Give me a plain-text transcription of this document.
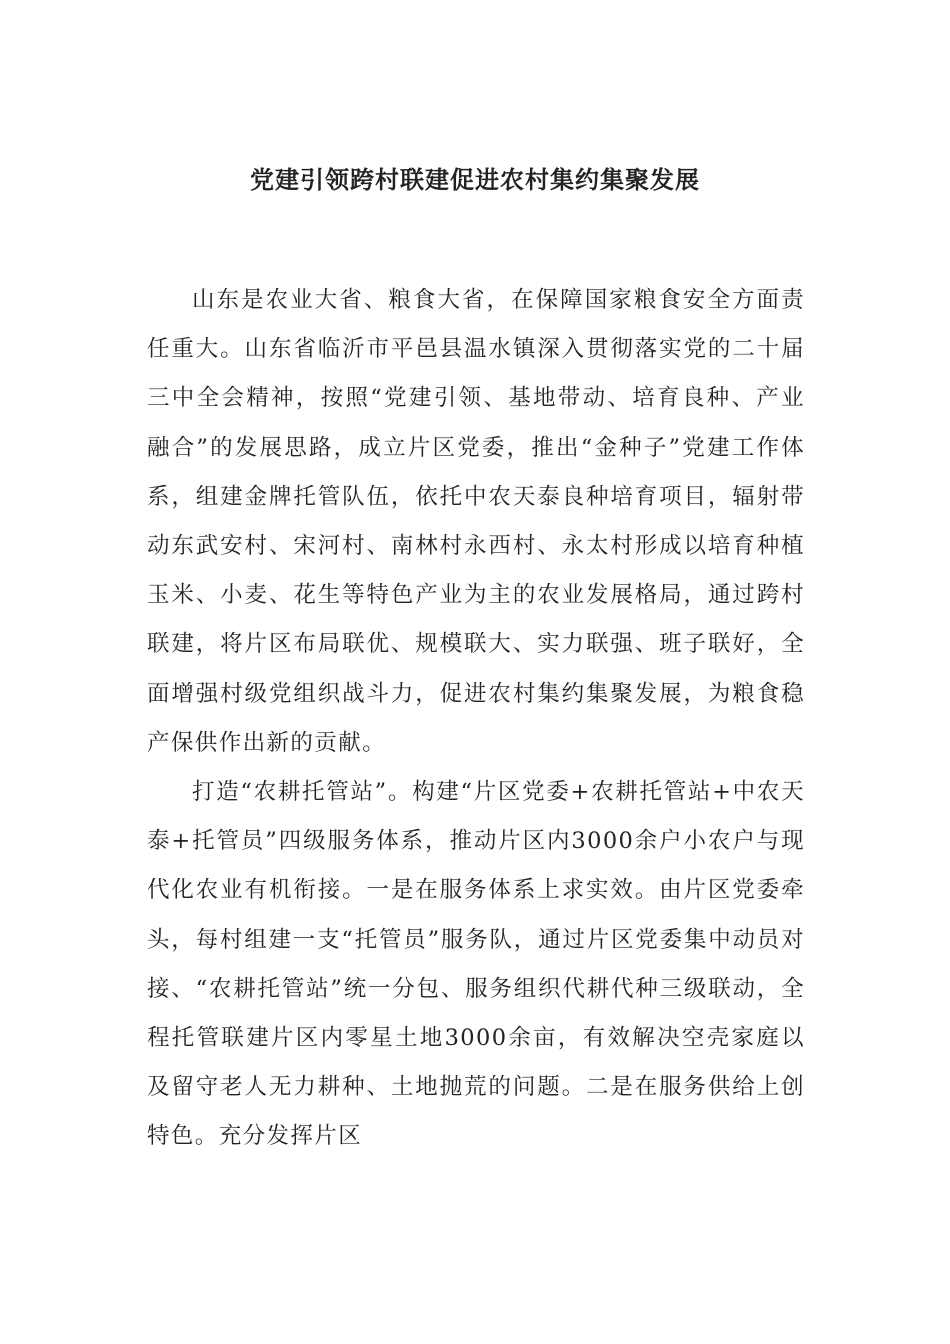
党建引领跨村联建促进农村集约集聚发展

山东是农业大省、粮食大省，在保障国家粮食安全方面责任重大。山东省临沂市平邑县温水镇深入贯彻落实党的二十届三中全会精神，按照“党建引领、基地带动、培育良种、产业融合”的发展思路，成立片区党委，推出“金种子”党建工作体系，组建金牌托管队伍，依托中农天泰良种培育项目，辐射带动东武安村、宋河村、南林村永西村、永太村形成以培育种植玉米、小麦、花生等特色产业为主的农业发展格局，通过跨村联建，将片区布局联优、规模联大、实力联强、班子联好，全面增强村级党组织战斗力，促进农村集约集聚发展，为粮食稳产保供作出新的贡献。

打造“农耕托管站”。构建“片区党委+农耕托管站+中农天泰+托管员”四级服务体系，推动片区内3000余户小农户与现代化农业有机衔接。一是在服务体系上求实效。由片区党委牵头，每村组建一支“托管员”服务队，通过片区党委集中动员对接、“农耕托管站”统一分包、服务组织代耕代种三级联动，全程托管联建片区内零星土地3000余亩，有效解决空壳家庭以及留守老人无力耕种、土地抛荒的问题。二是在服务供给上创特色。充分发挥片区
